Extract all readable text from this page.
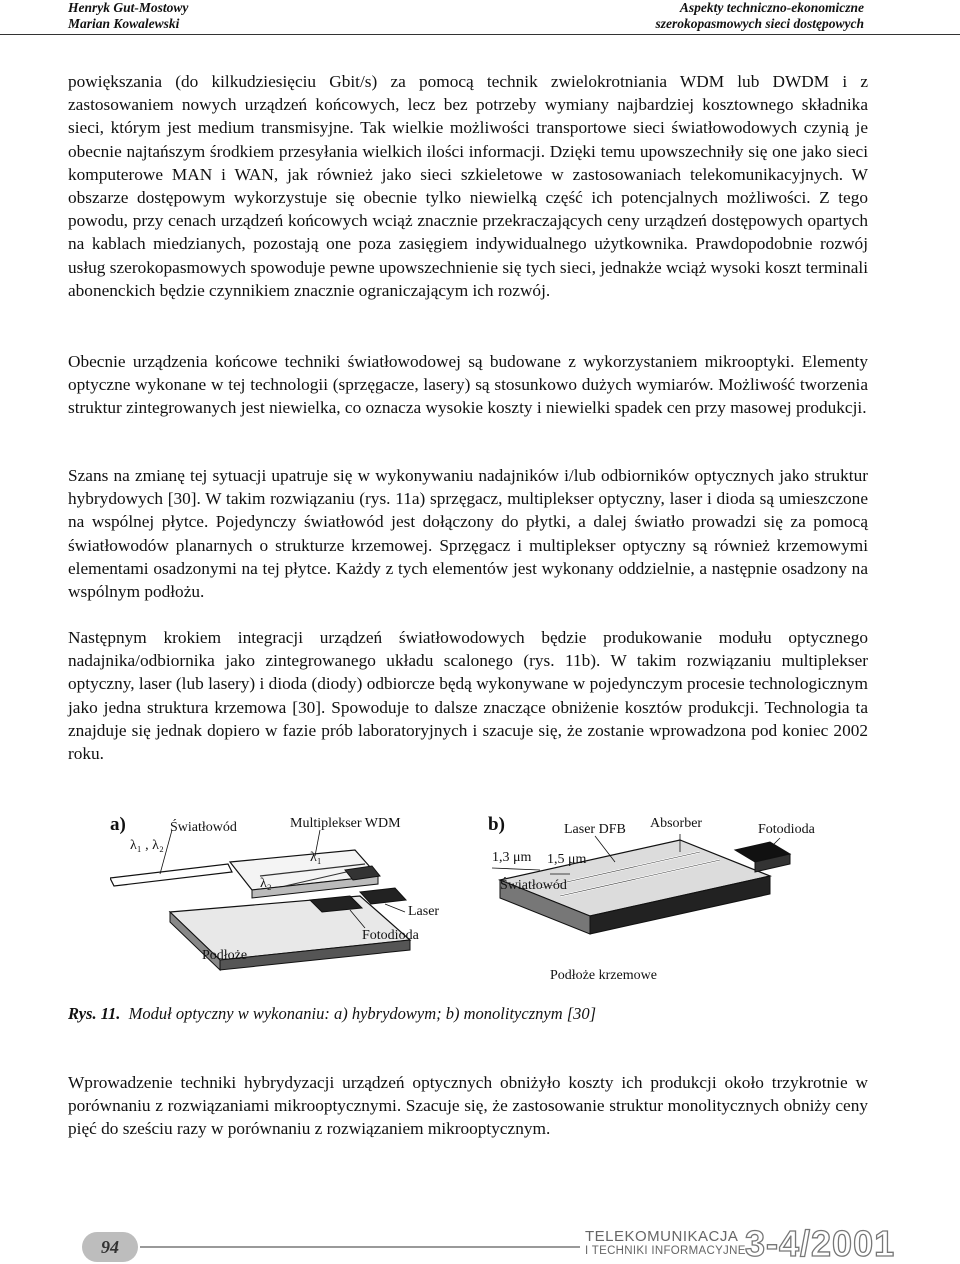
Henryk Gut-Mostowy
Marian Kowalewski
Aspekty techniczno-ekonomiczne
szerokopasmowych sieci dostępowych

powiększania (do kilkudziesięciu Gbit/s) za pomocą technik zwielokrotniania WDM lub DWDM i z zastosowaniem nowych urządzeń końcowych, lecz bez potrzeby wymiany najbardziej kosztownego składnika sieci, którym jest medium transmisyjne. Tak wielkie możliwości transportowe sieci światłowodowych czynią je obecnie najtańszym środkiem przesyłania wielkich ilości informacji. Dzięki temu upowszechniły się one jako sieci komputerowe MAN i WAN, jak również jako sieci szkieletowe w zastosowaniach telekomunikacyjnych. W obszarze dostępowym wykorzystuje się obecnie tylko niewielką część ich potencjalnych możliwości. Z tego powodu, przy cenach urządzeń końcowych wciąż znacznie przekraczających ceny urządzeń dostępowych opartych na kablach miedzianych, pozostają one poza zasięgiem indywidualnego użytkownika. Prawdopodobnie rozwój usług szerokopasmowych spowoduje pewne upowszechnienie się tych sieci, jednakże wciąż wysoki koszt terminali abonenckich będzie czynnikiem znacznie ograniczającym ich rozwój.

Obecnie urządzenia końcowe techniki światłowodowej są budowane z wykorzystaniem mikrooptyki. Elementy optyczne wykonane w tej technologii (sprzęgacze, lasery) są stosunkowo dużych wymiarów. Możliwość tworzenia struktur zintegrowanych jest niewielka, co oznacza wysokie koszty i niewielki spadek cen przy masowej produkcji.

Szans na zmianę tej sytuacji upatruje się w wykonywaniu nadajników i/lub odbiorników optycznych jako struktur hybrydowych [30]. W takim rozwiązaniu (rys. 11a) sprzęgacz, multiplekser optyczny, laser i dioda są umieszczone na wspólnej płytce. Pojedynczy światłowód jest dołączony do płytki, a dalej światło prowadzi się za pomocą światłowodów planarnych o strukturze krzemowej. Sprzęgacz i multiplekser optyczny są również krzemowymi elementami osadzonymi na tej płytce. Każdy z tych elementów jest wykonany oddzielnie, a następnie osadzony na wspólnym podłożu.

Następnym krokiem integracji urządzeń światłowodowych będzie produkowanie modułu optycznego nadajnika/odbiornika jako zintegrowanego układu scalonego (rys. 11b). W takim rozwiązaniu multiplekser optyczny, laser (lub lasery) i dioda (diody) odbiorcze będą wykonywane w pojedynczym procesie technologicznym jako jedna struktura krzemowa [30]. Spowoduje to dalsze znaczące obniżenie kosztów produkcji. Technologia ta znajduje się jednak dopiero w fazie prób laboratoryjnych i szacuje się, że zostanie wprowadzona pod koniec 2002 roku.

a)	Światłowód	Multiplekser WDM
λ₁ , λ₂
λ₁
λ₂
Laser
Fotodioda
Podłoże
b)	Laser DFB Absorber	Fotodioda
1,3 μm 1,5 μm
Światłowód
Podłoże krzemowe
Rys. 11. Moduł optyczny w wykonaniu: a) hybrydowym; b) monolitycznym [30]

Wprowadzenie techniki hybrydyzacji urządzeń optycznych obniżyło koszty ich produkcji około trzykrotnie w porównaniu z rozwiązaniami mikrooptycznymi. Szacuje się, że zastosowanie struktur monolitycznych obniży ceny pięć do sześciu razy w porównaniu z rozwiązaniem mikrooptycznym.

94	TELEKOMUNIKACJA
I TECHNIKI INFORMACYJNE 3-4/2001
